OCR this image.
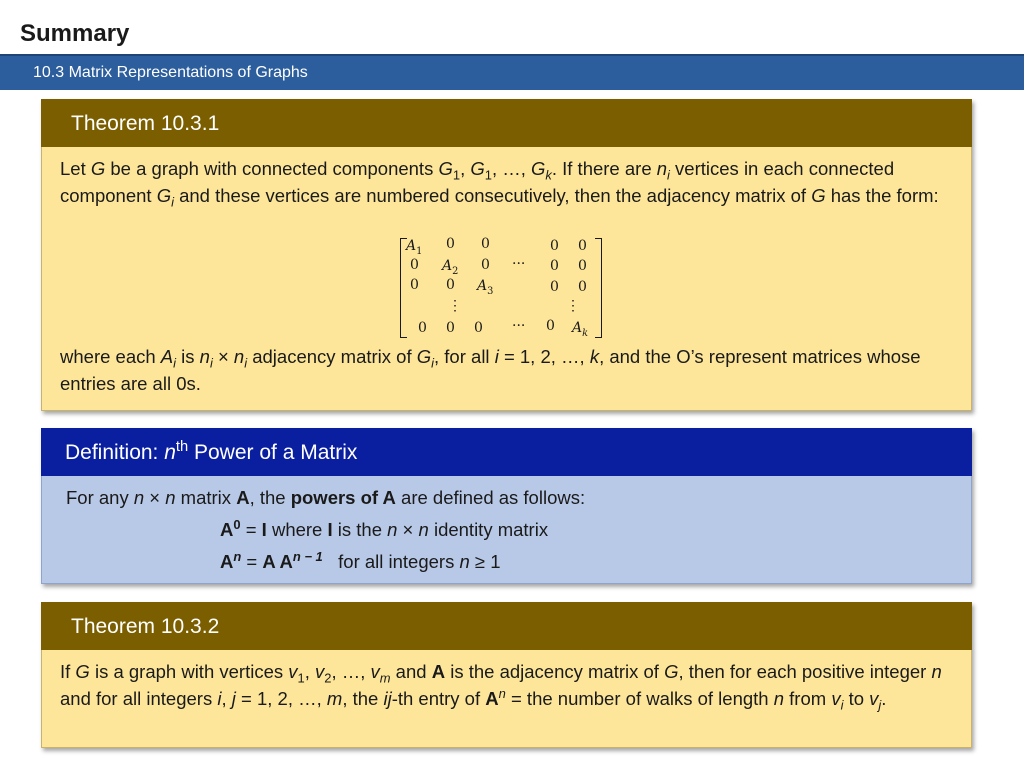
Summary
10.3 Matrix Representations of Graphs
Theorem 10.3.1

Let G be a graph with connected components $G_1$, $G_1$, …, $G_k$. If there are $n_i$ vertices in each connected component $G_i$ and these vertices are numbered consecutively, then the adjacency matrix of G has the form:

$A_1$ 0 0	0 0
0 $A_2$ 0 ··· 0 0
0 0 $A_3$	0 0
⋮	⋮
0 0 0 ··· 0 $A_k$

where each $A_i$ is $n_i \times n_i$ adjacency matrix of $G_i$, for all i = 1, 2, …, k, and the O’s represent matrices whose entries are all 0s.

Definition: $n^{th}$ Power of a Matrix

For any n × n matrix A, the powers of A are defined as follows:

$A^0 = I$ where I is the n × n identity matrix

$A^n = A$ $A^{n - 1}$   for all integers n ≥ 1

Theorem 10.3.2

If G is a graph with vertices $v_1$, $v_2$, …, $v_m$ and A is the adjacency matrix of G, then for each positive integer n and for all integers i, j = 1, 2, …, m, the ij-th entry of $A^n$ = the number of walks of length n from $v_i$ to $v_j$.
